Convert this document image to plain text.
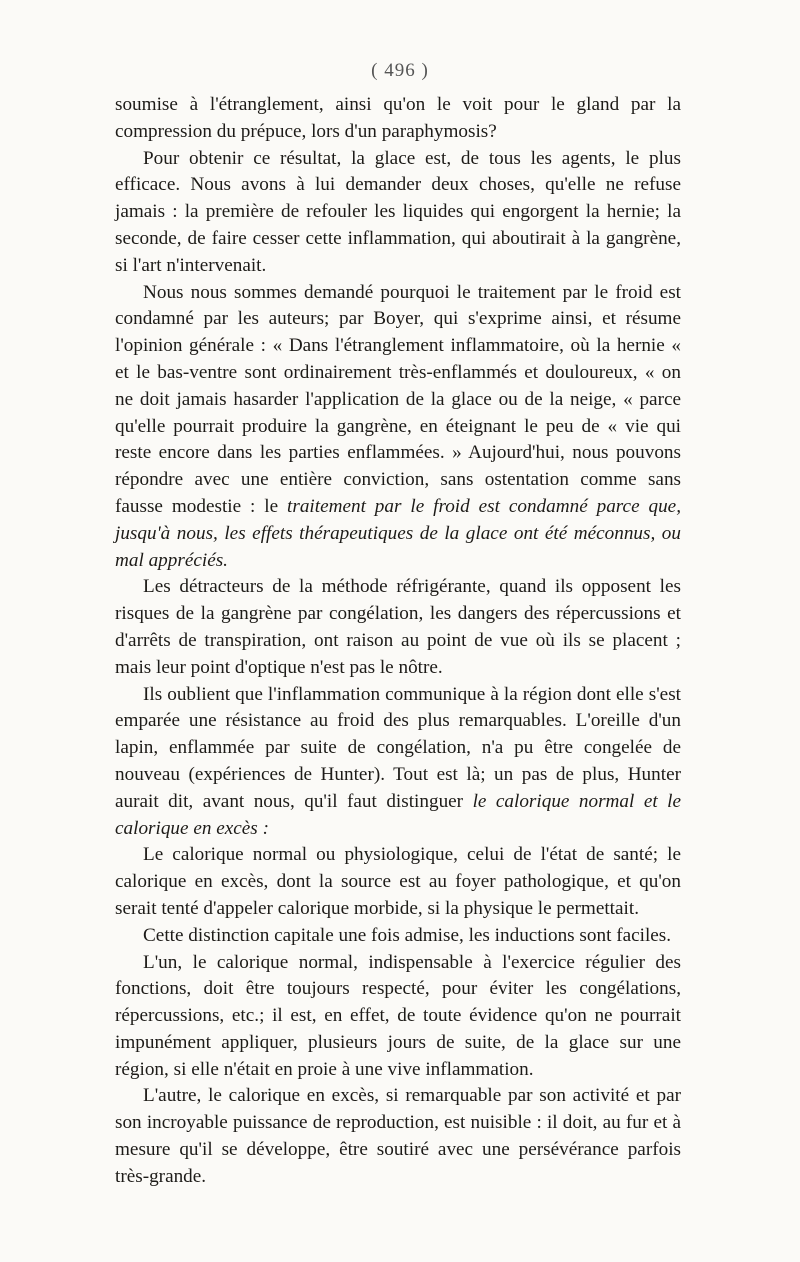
( 496 )

soumise à l'étranglement, ainsi qu'on le voit pour le gland par la compression du prépuce, lors d'un paraphymosis?

Pour obtenir ce résultat, la glace est, de tous les agents, le plus efficace. Nous avons à lui demander deux choses, qu'elle ne refuse jamais : la première de refouler les liquides qui engorgent la hernie; la seconde, de faire cesser cette inflammation, qui aboutirait à la gangrène, si l'art n'intervenait.

Nous nous sommes demandé pourquoi le traitement par le froid est condamné par les auteurs; par Boyer, qui s'exprime ainsi, et résume l'opinion générale : « Dans l'étranglement inflammatoire, où la hernie « et le bas-ventre sont ordinairement très-enflammés et douloureux, « on ne doit jamais hasarder l'application de la glace ou de la neige, « parce qu'elle pourrait produire la gangrène, en éteignant le peu de « vie qui reste encore dans les parties enflammées. » Aujourd'hui, nous pouvons répondre avec une entière conviction, sans ostentation comme sans fausse modestie : le traitement par le froid est condamné parce que, jusqu'à nous, les effets thérapeutiques de la glace ont été méconnus, ou mal appréciés.

Les détracteurs de la méthode réfrigérante, quand ils opposent les risques de la gangrène par congélation, les dangers des répercussions et d'arrêts de transpiration, ont raison au point de vue où ils se placent ; mais leur point d'optique n'est pas le nôtre.

Ils oublient que l'inflammation communique à la région dont elle s'est emparée une résistance au froid des plus remarquables. L'oreille d'un lapin, enflammée par suite de congélation, n'a pu être congelée de nouveau (expériences de Hunter). Tout est là; un pas de plus, Hunter aurait dit, avant nous, qu'il faut distinguer le calorique normal et le calorique en excès :

Le calorique normal ou physiologique, celui de l'état de santé; le calorique en excès, dont la source est au foyer pathologique, et qu'on serait tenté d'appeler calorique morbide, si la physique le permettait.

Cette distinction capitale une fois admise, les inductions sont faciles.

L'un, le calorique normal, indispensable à l'exercice régulier des fonctions, doit être toujours respecté, pour éviter les congélations, répercussions, etc.; il est, en effet, de toute évidence qu'on ne pourrait impunément appliquer, plusieurs jours de suite, de la glace sur une région, si elle n'était en proie à une vive inflammation.

L'autre, le calorique en excès, si remarquable par son activité et par son incroyable puissance de reproduction, est nuisible : il doit, au fur et à mesure qu'il se développe, être soutiré avec une persévérance parfois très-grande.
